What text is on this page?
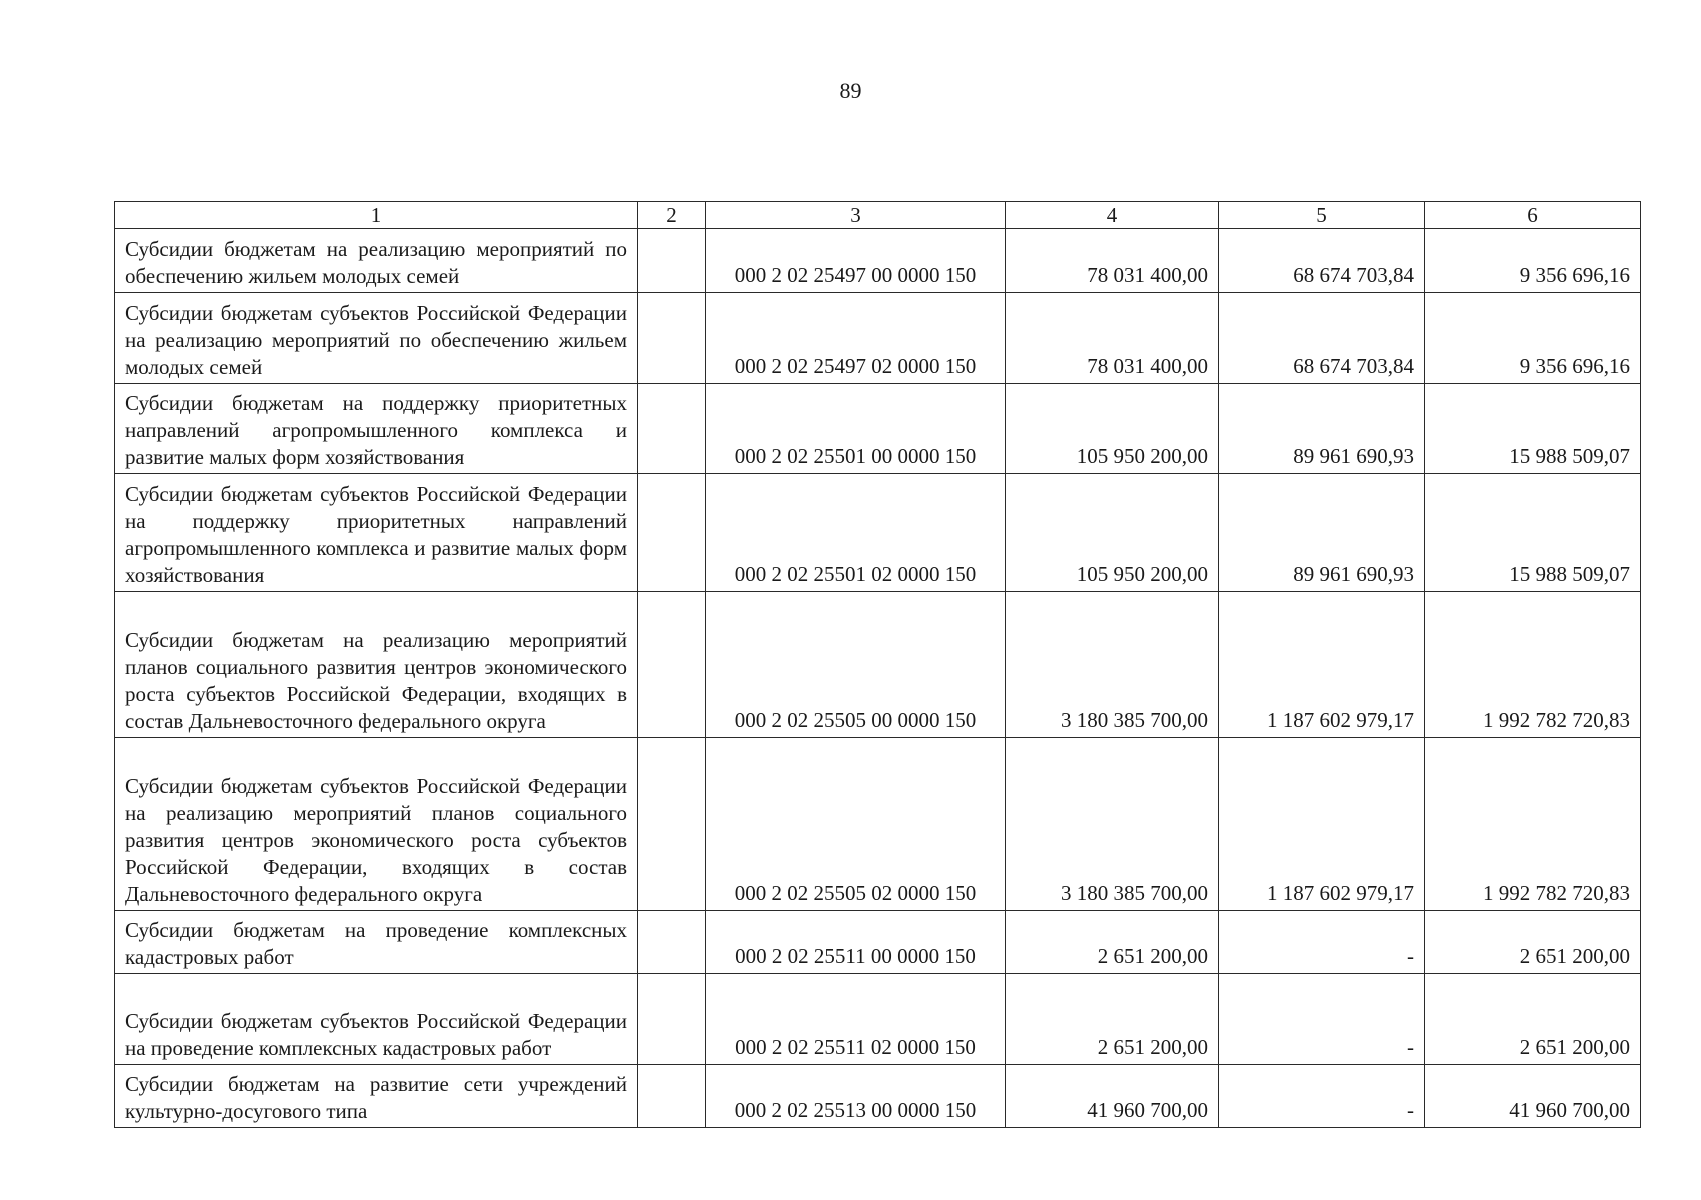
89
1	2	3	4	5	6
Субсидии бюджетам на реализацию мероприятий по обеспечению жильем молодых семей		000 2 02 25497 00 0000 150	78 031 400,00	68 674 703,84	9 356 696,16
Субсидии бюджетам субъектов Российской Федерации на реализацию мероприятий по обеспечению жильем молодых семей		000 2 02 25497 02 0000 150	78 031 400,00	68 674 703,84	9 356 696,16
Субсидии бюджетам на поддержку приоритетных направлений агропромышленного комплекса и развитие малых форм хозяйствования		000 2 02 25501 00 0000 150	105 950 200,00	89 961 690,93	15 988 509,07
Субсидии бюджетам субъектов Российской Федерации на поддержку приоритетных направлений агропромышленного комплекса и развитие малых форм хозяйствования		000 2 02 25501 02 0000 150	105 950 200,00	89 961 690,93	15 988 509,07
Субсидии бюджетам на реализацию мероприятий планов социального развития центров экономического роста субъектов Российской Федерации, входящих в состав Дальневосточного федерального округа		000 2 02 25505 00 0000 150	3 180 385 700,00	1 187 602 979,17	1 992 782 720,83
Субсидии бюджетам субъектов Российской Федерации на реализацию мероприятий планов социального развития центров экономического роста субъектов Российской Федерации, входящих в состав Дальневосточного федерального округа		000 2 02 25505 02 0000 150	3 180 385 700,00	1 187 602 979,17	1 992 782 720,83
Субсидии бюджетам на проведение комплексных кадастровых работ		000 2 02 25511 00 0000 150	2 651 200,00	-	2 651 200,00
Субсидии бюджетам субъектов Российской Федерации на проведение комплексных кадастровых работ		000 2 02 25511 02 0000 150	2 651 200,00	-	2 651 200,00
Субсидии бюджетам на развитие сети учреждений культурно-досугового типа		000 2 02 25513 00 0000 150	41 960 700,00	-	41 960 700,00
